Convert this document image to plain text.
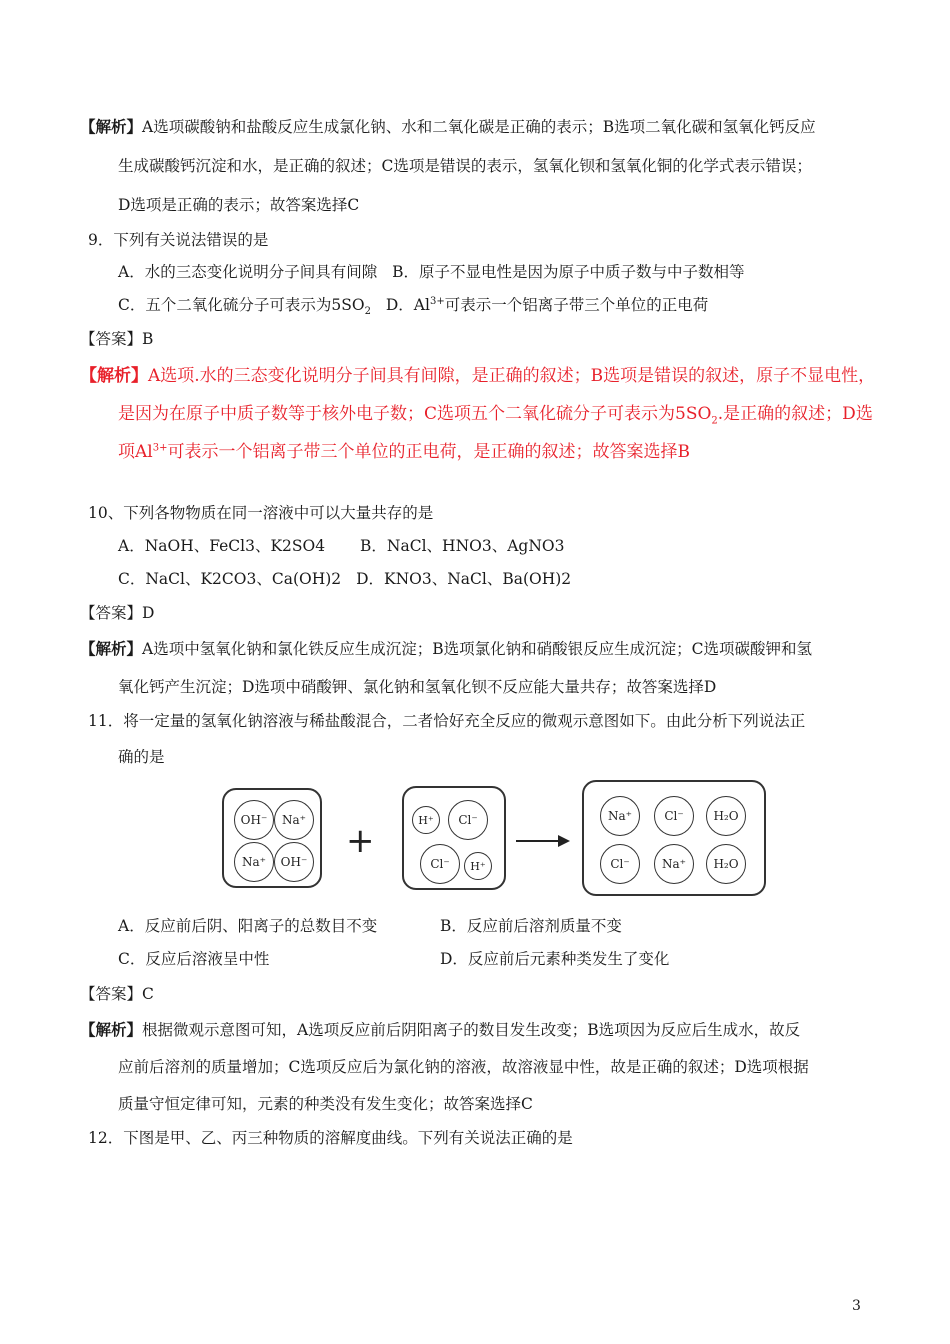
【解析】A选项碳酸钠和盐酸反应生成氯化钠、水和二氧化碳是正确的表示；B选项二氧化碳和氢氧化钙反应
生成碳酸钙沉淀和水，是正确的叙述；C选项是错误的表示，氢氧化钡和氢氧化铜的化学式表示错误；
D选项是正确的表示；故答案选择C
9．下列有关说法错误的是
A．水的三态变化说明分子间具有间隙 B．原子不显电性是因为原子中质子数与中子数相等
C．五个二氧化硫分子可表示为$5SO_2$ D．$Al^{3+}$可表示一个铝离子带三个单位的正电荷
【答案】B
【解析】A选项.水的三态变化说明分子间具有间隙，是正确的叙述；B选项是错误的叙述，原子不显电性，
是因为在原子中质子数等于核外电子数；C选项五个二氧化硫分子可表示为$5SO_2$.是正确的叙述；D选
项$Al^{3+}$可表示一个铝离子带三个单位的正电荷，是正确的叙述；故答案选择B
10、下列各物物质在同一溶液中可以大量共存的是
A．NaOH、FeCl3、K2SO4 B．NaCl、HNO3、AgNO3
C．NaCl、K2CO3、Ca(OH)2 D．KNO3、NaCl、Ba(OH)2
【答案】D
【解析】A选项中氢氧化钠和氯化铁反应生成沉淀；B选项氯化钠和硝酸银反应生成沉淀；C选项碳酸钾和氢
氧化钙产生沉淀；D选项中硝酸钾、氯化钠和氢氧化钡不反应能大量共存；故答案选择D
11．将一定量的氢氧化钠溶液与稀盐酸混合，二者恰好充全反应的微观示意图如下。由此分析下列说法正
确的是
OH⁻	Na⁺
Na⁺	OH⁻
+
H⁺	Cl⁻
Cl⁻	H⁺
Na⁺	Cl⁻	H₂O
Cl⁻	Na⁺	H₂O
A．反应前后阴、阳离子的总数目不变	B．反应前后溶剂质量不变
C．反应后溶液呈中性	D．反应前后元素种类发生了变化
【答案】C
【解析】根据微观示意图可知，A选项反应前后阴阳离子的数目发生改变；B选项因为反应后生成水，故反
应前后溶剂的质量增加；C选项反应后为氯化钠的溶液，故溶液显中性，故是正确的叙述；D选项根据
质量守恒定律可知，元素的种类没有发生变化；故答案选择C
12．下图是甲、乙、丙三种物质的溶解度曲线。下列有关说法正确的是
3
